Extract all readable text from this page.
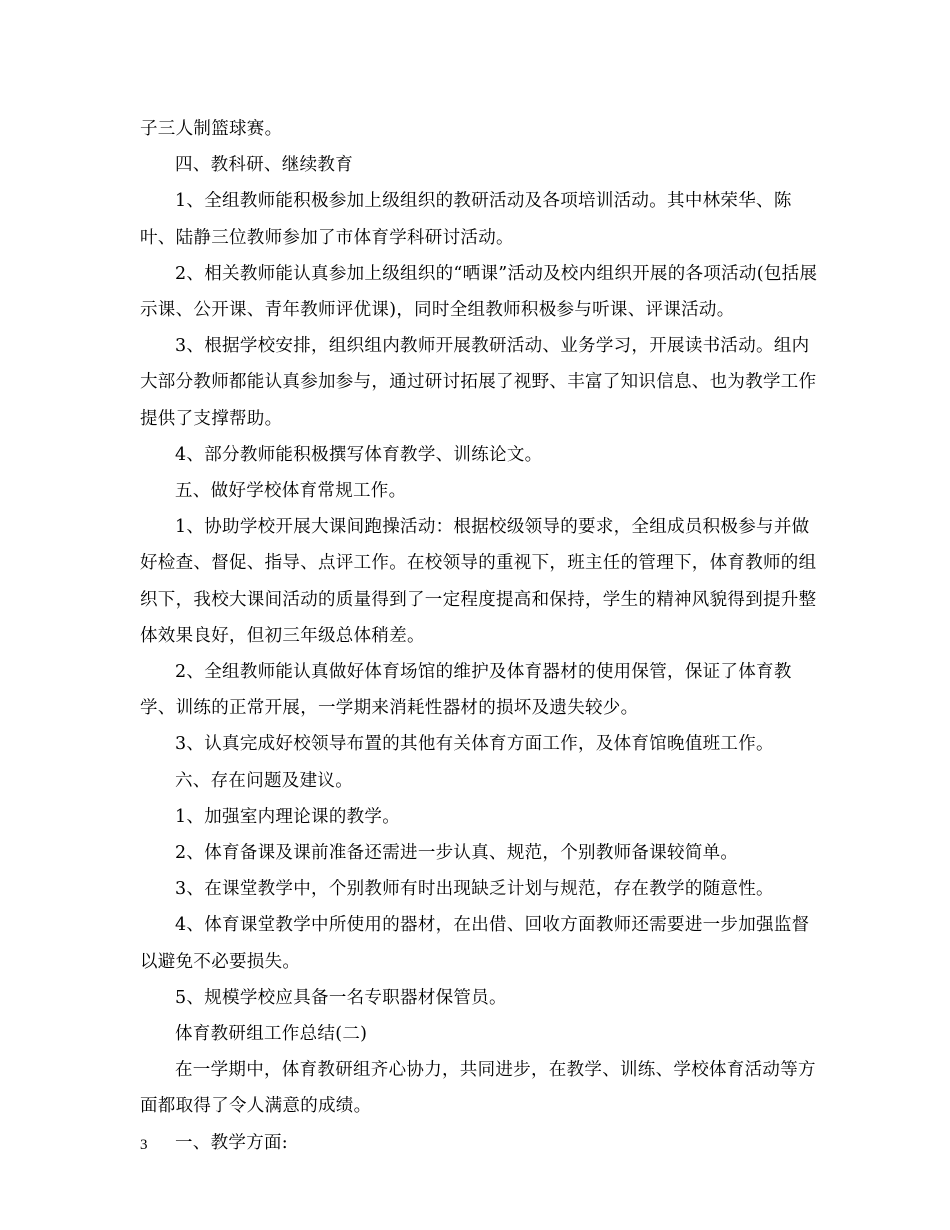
子三人制篮球赛。

四、教科研、继续教育

1、全组教师能积极参加上级组织的教研活动及各项培训活动。其中林荣华、陈叶、陆静三位教师参加了市体育学科研讨活动。

2、相关教师能认真参加上级组织的“晒课”活动及校内组织开展的各项活动(包括展示课、公开课、青年教师评优课)，同时全组教师积极参与听课、评课活动。

3、根据学校安排，组织组内教师开展教研活动、业务学习，开展读书活动。组内大部分教师都能认真参加参与，通过研讨拓展了视野、丰富了知识信息、也为教学工作提供了支撑帮助。

4、部分教师能积极撰写体育教学、训练论文。

五、做好学校体育常规工作。

1、协助学校开展大课间跑操活动：根据校级领导的要求，全组成员积极参与并做好检查、督促、指导、点评工作。在校领导的重视下，班主任的管理下，体育教师的组织下，我校大课间活动的质量得到了一定程度提高和保持，学生的精神风貌得到提升整体效果良好，但初三年级总体稍差。

2、全组教师能认真做好体育场馆的维护及体育器材的使用保管，保证了体育教学、训练的正常开展，一学期来消耗性器材的损坏及遗失较少。

3、认真完成好校领导布置的其他有关体育方面工作，及体育馆晚值班工作。

六、存在问题及建议。

1、加强室内理论课的教学。

2、体育备课及课前准备还需进一步认真、规范，个别教师备课较简单。

3、在课堂教学中，个别教师有时出现缺乏计划与规范，存在教学的随意性。

4、体育课堂教学中所使用的器材，在出借、回收方面教师还需要进一步加强监督以避免不必要损失。

5、规模学校应具备一名专职器材保管员。

体育教研组工作总结(二)

在一学期中，体育教研组齐心协力，共同进步，在教学、训练、学校体育活动等方面都取得了令人满意的成绩。

一、教学方面:

3
